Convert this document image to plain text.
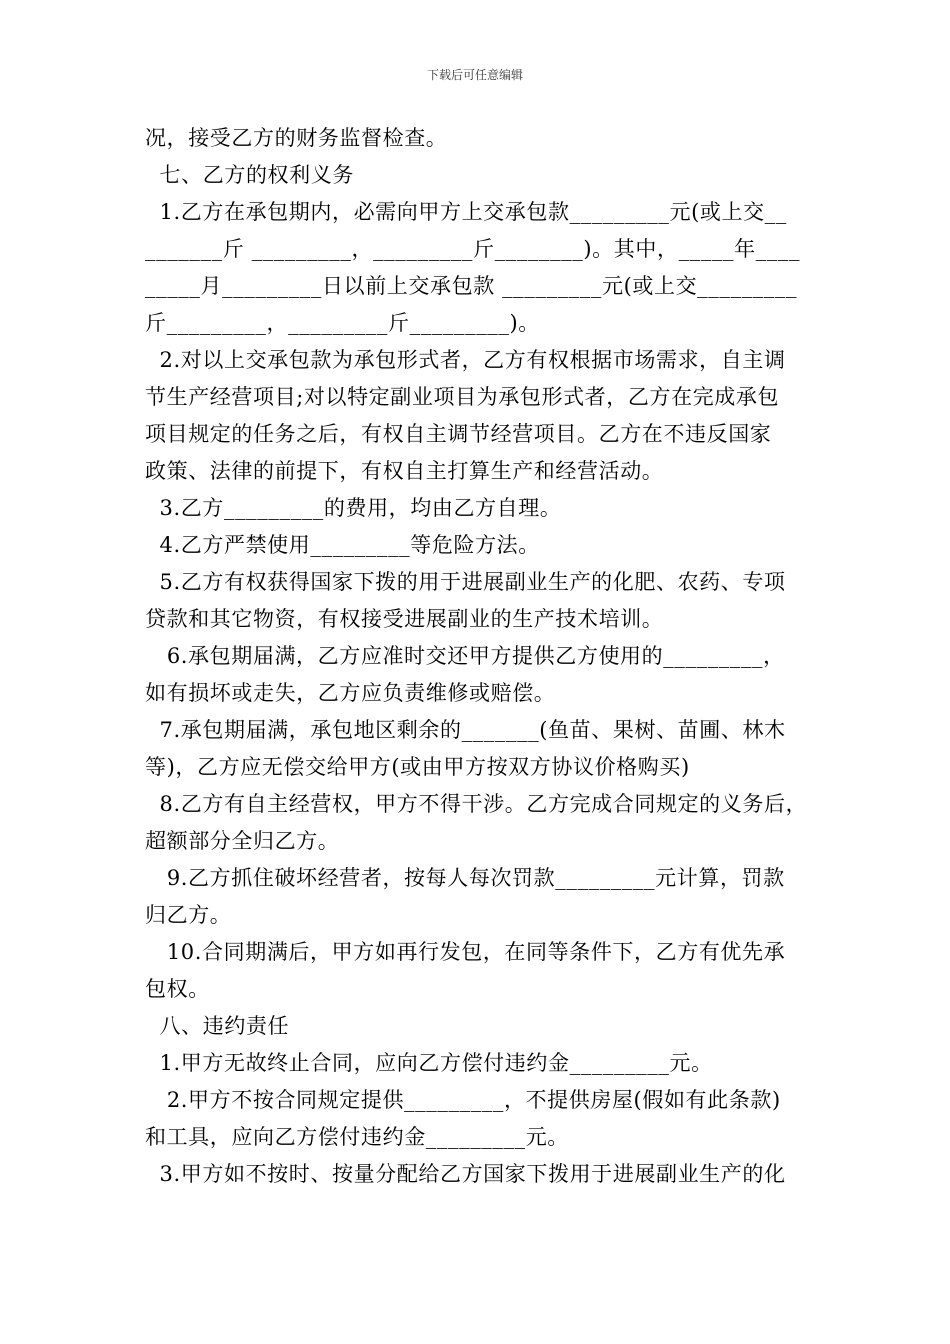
下载后可任意编辑
况，接受乙方的财务监督检查。
七、乙方的权利义务
1.乙方在承包期内，必需向甲方上交承包款_________元(或上交__
_______斤 _________，_________斤________)。其中，_____年____
_____月_________日以前上交承包款 _________元(或上交_________
斤_________，_________斤_________)。
2.对以上交承包款为承包形式者，乙方有权根据市场需求，自主调
节生产经营项目;对以特定副业项目为承包形式者，乙方在完成承包
项目规定的任务之后，有权自主调节经营项目。乙方在不违反国家
政策、法律的前提下，有权自主打算生产和经营活动。
3.乙方_________的费用，均由乙方自理。
4.乙方严禁使用_________等危险方法。
5.乙方有权获得国家下拨的用于进展副业生产的化肥、农药、专项
贷款和其它物资，有权接受进展副业的生产技术培训。
6.承包期届满，乙方应准时交还甲方提供乙方使用的_________，
如有损坏或走失，乙方应负责维修或赔偿。
7.承包期届满，承包地区剩余的_______(鱼苗、果树、苗圃、林木
等)，乙方应无偿交给甲方(或由甲方按双方协议价格购买)
8.乙方有自主经营权，甲方不得干涉。乙方完成合同规定的义务后，
超额部分全归乙方。
9.乙方抓住破坏经营者，按每人每次罚款_________元计算，罚款
归乙方。
10.合同期满后，甲方如再行发包，在同等条件下，乙方有优先承
包权。
八、违约责任
1.甲方无故终止合同，应向乙方偿付违约金_________元。
2.甲方不按合同规定提供_________，不提供房屋(假如有此条款)
和工具，应向乙方偿付违约金_________元。
3.甲方如不按时、按量分配给乙方国家下拨用于进展副业生产的化
